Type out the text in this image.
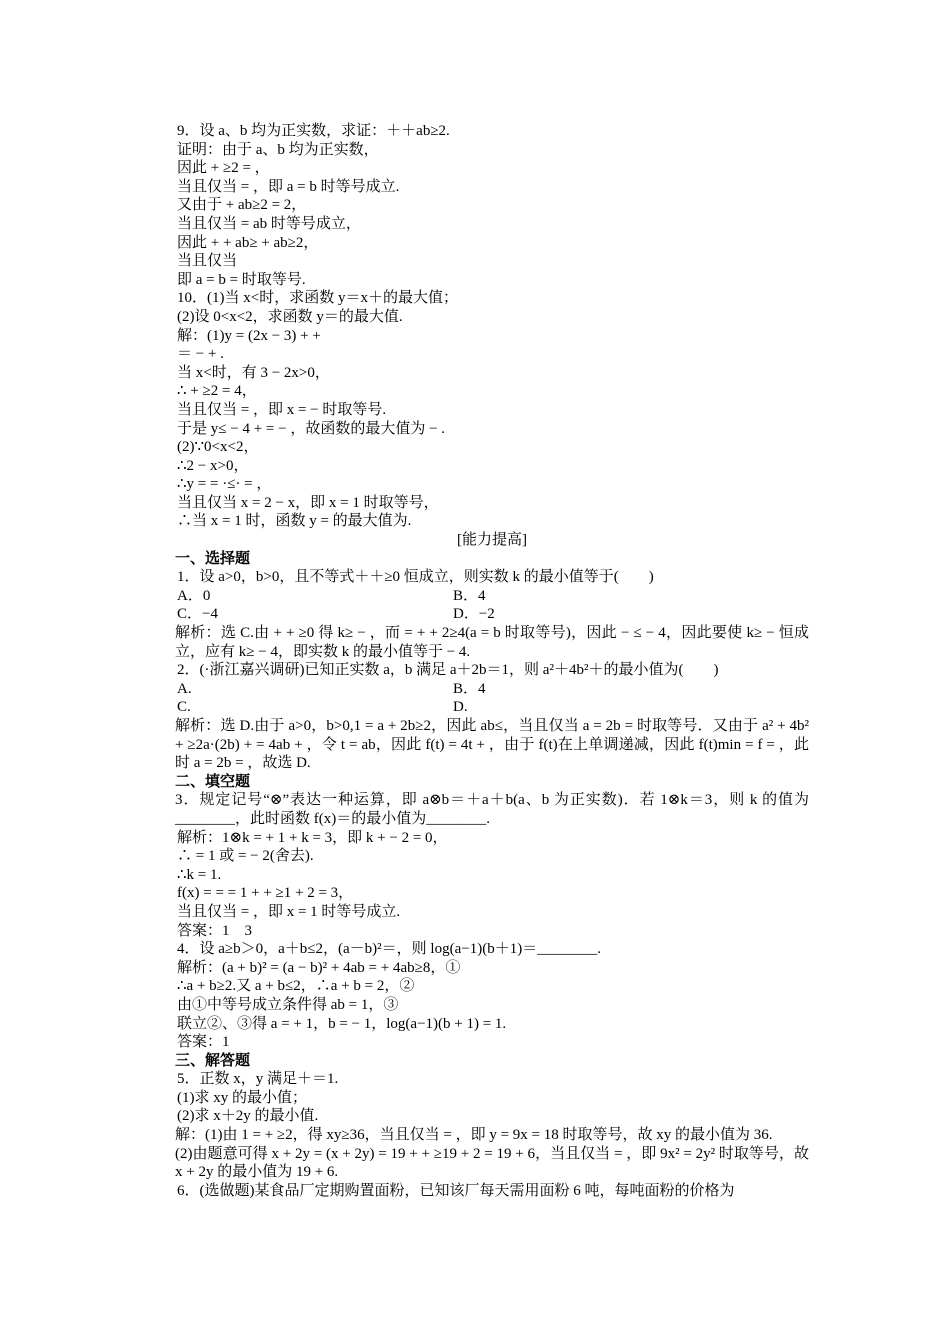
9．设 a、b 均为正实数，求证：＋＋ab≥2.
证明：由于 a、b 均为正实数，
因此 + ≥2 = ，
当且仅当 = ，即 a = b 时等号成立.
又由于 + ab≥2 = 2，
当且仅当 = ab 时等号成立，
因此 + + ab≥ + ab≥2，
当且仅当
即 a = b = 时取等号.
10．(1)当 x<时，求函数 y＝x＋的最大值；
(2)设 0<x<2，求函数 y＝的最大值.
解：(1)y = (2x − 3) + +
＝ − + .
当 x<时，有 3 − 2x>0，
∴ + ≥2 = 4，
当且仅当 = ，即 x = − 时取等号.
于是 y≤ − 4 + = − ，故函数的最大值为 − .
(2)∵0<x<2，
∴2 − x>0，
∴y = = ·≤· = ，
当且仅当 x = 2 − x，即 x = 1 时取等号，
∴当 x = 1 时，函数 y = 的最大值为.
[能力提高]
一、选择题
1．设 a>0，b>0，且不等式＋＋≥0 恒成立，则实数 k 的最小值等于(　　)
A．0	B．4
C．−4	D．−2
解析：选 C.由 + + ≥0 得 k≥ − ，而 = + + 2≥4(a = b 时取等号)，因此 − ≤ − 4，因此要使 k≥ − 恒成立，应有 k≥ − 4，即实数 k 的最小值等于 − 4.
2．(·浙江嘉兴调研)已知正实数 a，b 满足 a＋2b＝1，则 a²＋4b²＋的最小值为(　　)
A.	B．4
C.	D.
解析：选 D.由于 a>0，b>0,1 = a + 2b≥2，因此 ab≤，当且仅当 a = 2b = 时取等号．又由于 a² + 4b² + ≥2a·(2b) + = 4ab + ，令 t = ab，因此 f(t) = 4t + ，由于 f(t)在上单调递减，因此 f(t)min = f = ，此时 a = 2b = ，故选 D.
二、填空题
3．规定记号“⊗”表达一种运算，即 a⊗b＝＋a＋b(a、b 为正实数)．若 1⊗k＝3，则 k 的值为________，此时函数 f(x)＝的最小值为________.
解析：1⊗k = + 1 + k = 3，即 k + − 2 = 0，
∴ = 1 或 = − 2(舍去).
∴k = 1.
f(x) = = = 1 + + ≥1 + 2 = 3，
当且仅当 = ，即 x = 1 时等号成立.
答案：1　3
4．设 a≥b＞0，a＋b≤2，(a－b)²＝，则 log(a−1)(b＋1)＝________.
解析：(a + b)² = (a − b)² + 4ab = + 4ab≥8，①
∴a + b≥2.又 a + b≤2，∴a + b = 2，②
由①中等号成立条件得 ab = 1，③
联立②、③得 a = + 1，b = − 1，log(a−1)(b + 1) = 1.
答案：1
三、解答题
5．正数 x，y 满足＋＝1.
(1)求 xy 的最小值；
(2)求 x＋2y 的最小值.
解：(1)由 1 = + ≥2，得 xy≥36，当且仅当 = ，即 y = 9x = 18 时取等号，故 xy 的最小值为 36.
(2)由题意可得 x + 2y = (x + 2y) = 19 + + ≥19 + 2 = 19 + 6，当且仅当 = ，即 9x² = 2y² 时取等号，故 x + 2y 的最小值为 19 + 6.
6．(选做题)某食品厂定期购置面粉，已知该厂每天需用面粉 6 吨，每吨面粉的价格为
